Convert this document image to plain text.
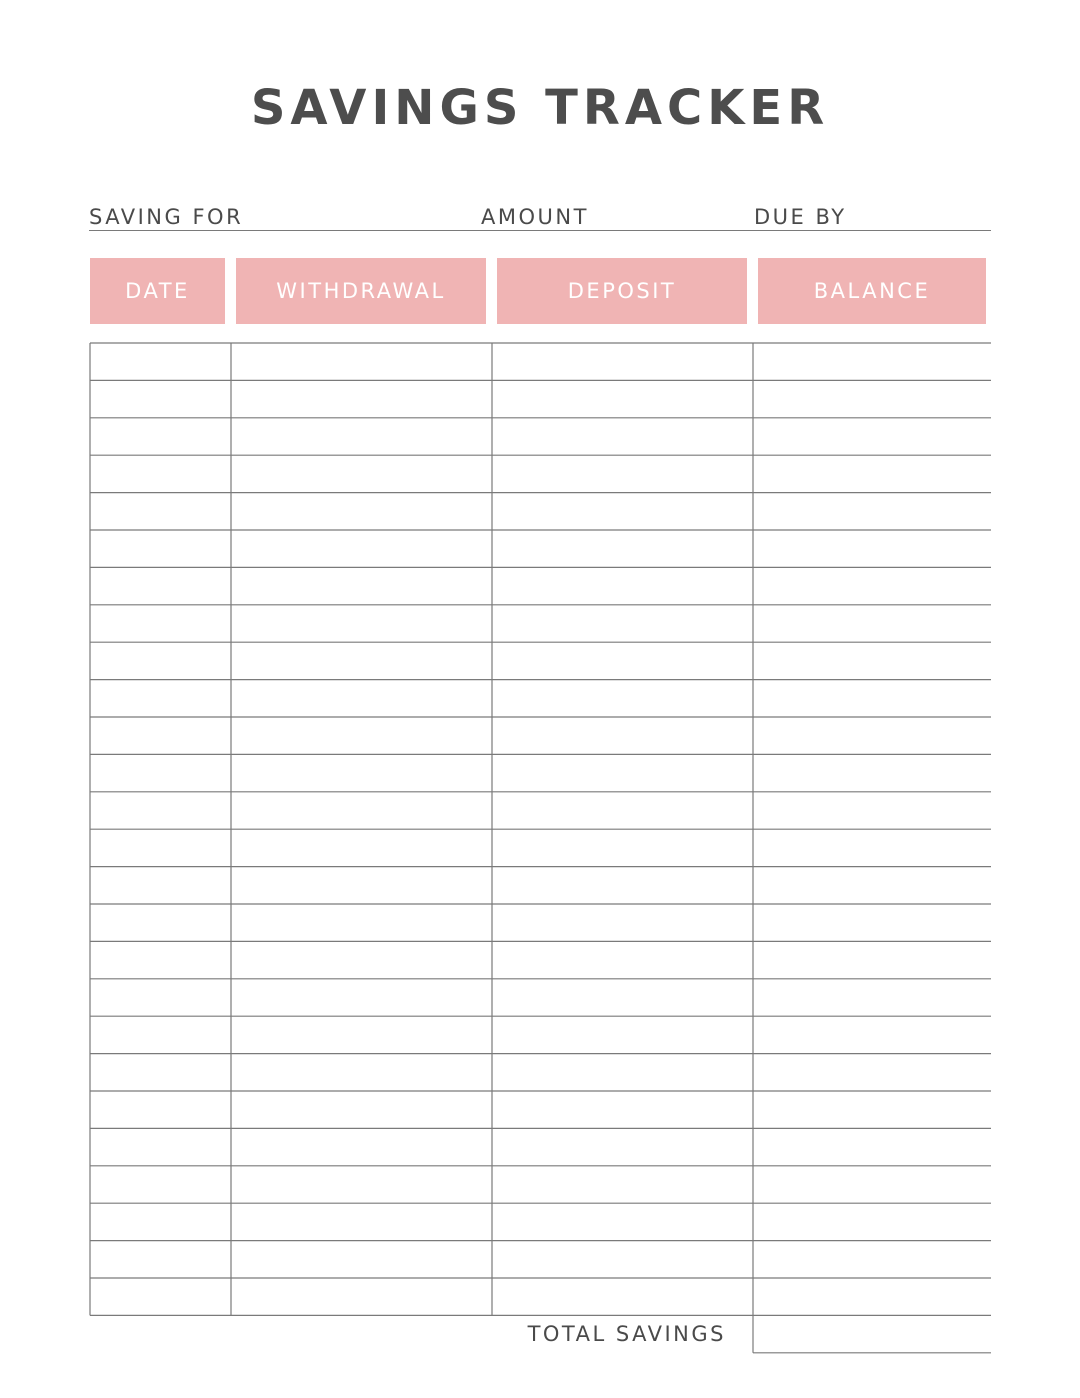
SAVINGS TRACKER
SAVING FOR	AMOUNT	DUE BY
DATE	WITHDRAWAL	DEPOSIT	BALANCE
TOTAL SAVINGS
